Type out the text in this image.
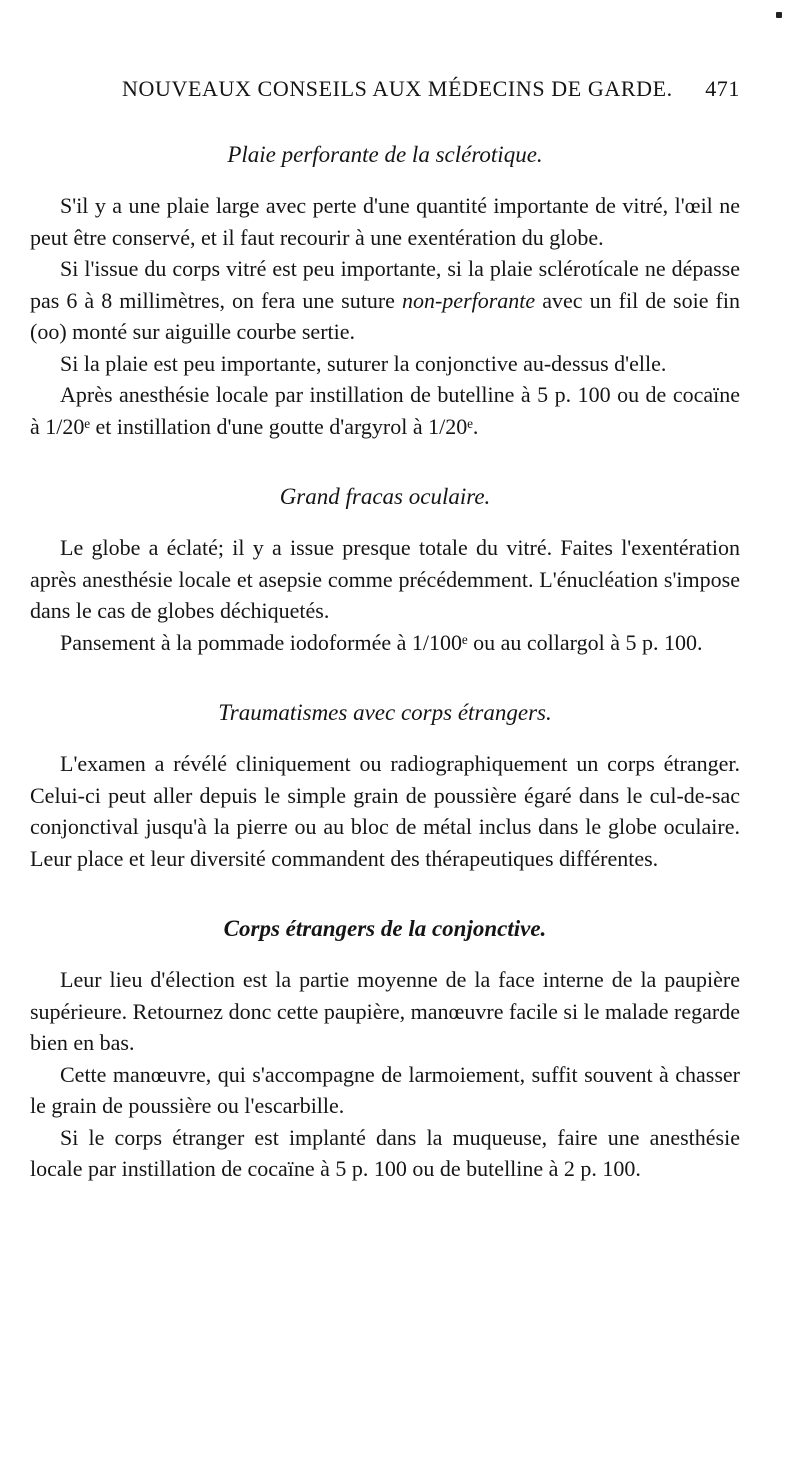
NOUVEAUX CONSEILS AUX MÉDECINS DE GARDE. 471
Plaie perforante de la sclérotique.

S'il y a une plaie large avec perte d'une quantité importante de vitré, l'œil ne peut être conservé, et il faut recourir à une exentération du globe.

Si l'issue du corps vitré est peu importante, si la plaie sclérotícale ne dépasse pas 6 à 8 millimètres, on fera une suture non-perforante avec un fil de soie fin (oo) monté sur aiguille courbe sertie.

Si la plaie est peu importante, suturer la conjonctive au-dessus d'elle.

Après anesthésie locale par instillation de butelline à 5 p. 100 ou de cocaïne à 1/20ᵉ et instillation d'une goutte d'argyrol à 1/20ᵉ.

Grand fracas oculaire.

Le globe a éclaté; il y a issue presque totale du vitré. Faites l'exentération après anesthésie locale et asepsie comme précédemment. L'énucléation s'impose dans le cas de globes déchiquetés.

Pansement à la pommade iodoformée à 1/100ᵉ ou au collargol à 5 p. 100.

Traumatismes avec corps étrangers.

L'examen a révélé cliniquement ou radiographiquement un corps étranger. Celui-ci peut aller depuis le simple grain de poussière égaré dans le cul-de-sac conjonctival jusqu'à la pierre ou au bloc de métal inclus dans le globe oculaire. Leur place et leur diversité commandent des thérapeutiques différentes.

Corps étrangers de la conjonctive.

Leur lieu d'élection est la partie moyenne de la face interne de la paupière supérieure. Retournez donc cette paupière, manœuvre facile si le malade regarde bien en bas.

Cette manœuvre, qui s'accompagne de larmoiement, suffit souvent à chasser le grain de poussière ou l'escarbille.

Si le corps étranger est implanté dans la muqueuse, faire une anesthésie locale par instillation de cocaïne à 5 p. 100 ou de butelline à 2 p. 100.
